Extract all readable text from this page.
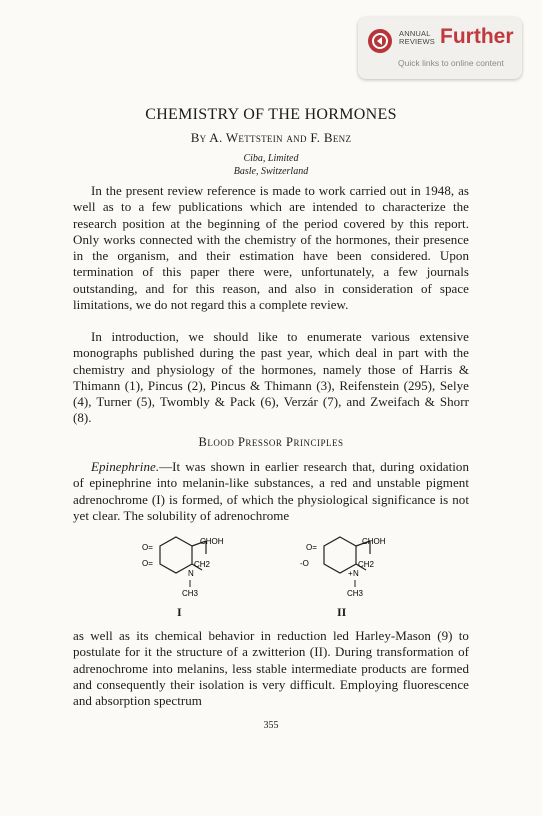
ANNUAL REVIEWS Further
Quick links to online content
CHEMISTRY OF THE HORMONES
By A. Wettstein and F. Benz
Ciba, Limited
Basle, Switzerland
In the present review reference is made to work carried out in 1948, as well as to a few publications which are intended to characterize the research position at the beginning of the period covered by this report. Only works connected with the chemistry of the hormones, their presence in the organism, and their estimation have been considered. Upon termination of this paper there were, unfortunately, a few journals outstanding, and for this reason, and also in consideration of space limitations, we do not regard this a complete review.
In introduction, we should like to enumerate various extensive monographs published during the past year, which deal in part with the chemistry and physiology of the hormones, namely those of Harris & Thimann (1), Pincus (2), Pincus & Thimann (3), Reifenstein (295), Selye (4), Turner (5), Twombly & Pack (6), Verzár (7), and Zweifach & Shorr (8).
Blood Pressor Principles
Epinephrine.—It was shown in earlier research that, during oxidation of epinephrine into melanin-like substances, a red and unstable pigment adrenochrome (I) is formed, of which the physiological significance is not yet clear. The solubility of adrenochrome
O=
O=
CHOH
CH2
N
CH3
I
O=
-O
CHOH
CH2
+ N
CH3
II
as well as its chemical behavior in reduction led Harley-Mason (9) to postulate for it the structure of a zwitterion (II). During transformation of adrenochrome into melanins, less stable intermediate products are formed and consequently their isolation is very difficult. Employing fluorescence and absorption spectrum
355
